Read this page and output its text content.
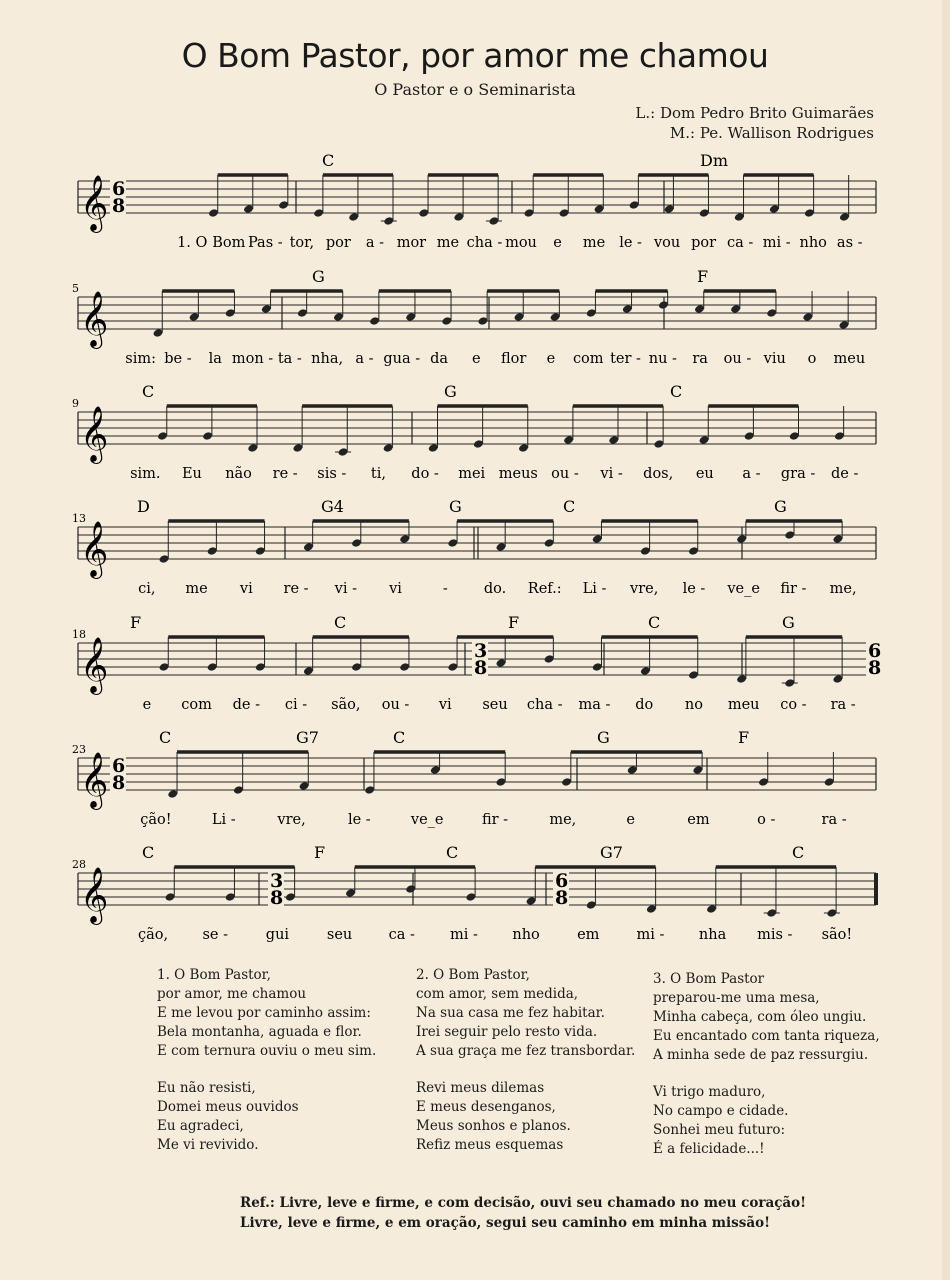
O Bom Pastor, por amor me chamou
O Pastor e o Seminarista
L.: Dom Pedro Brito Guimarães
M.: Pe. Wallison Rodrigues
𝄞
C	Dm
1. O Bom Pas - tor, por a - mor me cha - mou e me le - vou por ca - mi - nho as -
𝄞
5
G	F
sim: be - la mon - ta - nha, a - gua - da e flor e com ter - nu - ra ou - viu o meu
𝄞
9
C	G	C
sim. Eu não re - sis - ti, do - mei meus ou - vi - dos, eu a - gra - de -
𝄞
13
D	G4	G	C	G
ci, me vi re - vi - vi	- do. Ref.: Li - vre, le - ve_e fir - me,
𝄞
18
F	C	F	C	G
e com de - ci - são, ou - vi seu cha - ma - do no meu co - ra -
𝄞
23
C	G7	C	G	F
ção!	Li -	vre,	le -	ve_e	fir -	me,	e	em	o -	ra -
𝄞
28
C	F	C	G7	C
ção, se -	gui	seu	ca - mi - nho	em	mi - nha mis - são!
6
8
3
8
6
8
6
8
3
8
6
8
1. O Bom Pastor,
por amor, me chamou
E me levou por caminho assim:
Bela montanha, aguada e flor.
E com ternura ouviu o meu sim.
Eu não resisti,
Domei meus ouvidos
Eu agradeci,
Me vi revivido.
2. O Bom Pastor,
com amor, sem medida,
Na sua casa me fez habitar.
Irei seguir pelo resto vida.
A sua graça me fez transbordar.
Revi meus dilemas
E meus desenganos,
Meus sonhos e planos.
Refiz meus esquemas
3. O Bom Pastor
preparou-me uma mesa,
Minha cabeça, com óleo ungiu.
Eu encantado com tanta riqueza,
A minha sede de paz ressurgiu.
Vi trigo maduro,
No campo e cidade.
Sonhei meu futuro:
É a felicidade...!
Ref.: Livre, leve e firme, e com decisão, ouvi seu chamado no meu coração!
Livre, leve e firme, e em oração, segui seu caminho em minha missão!
